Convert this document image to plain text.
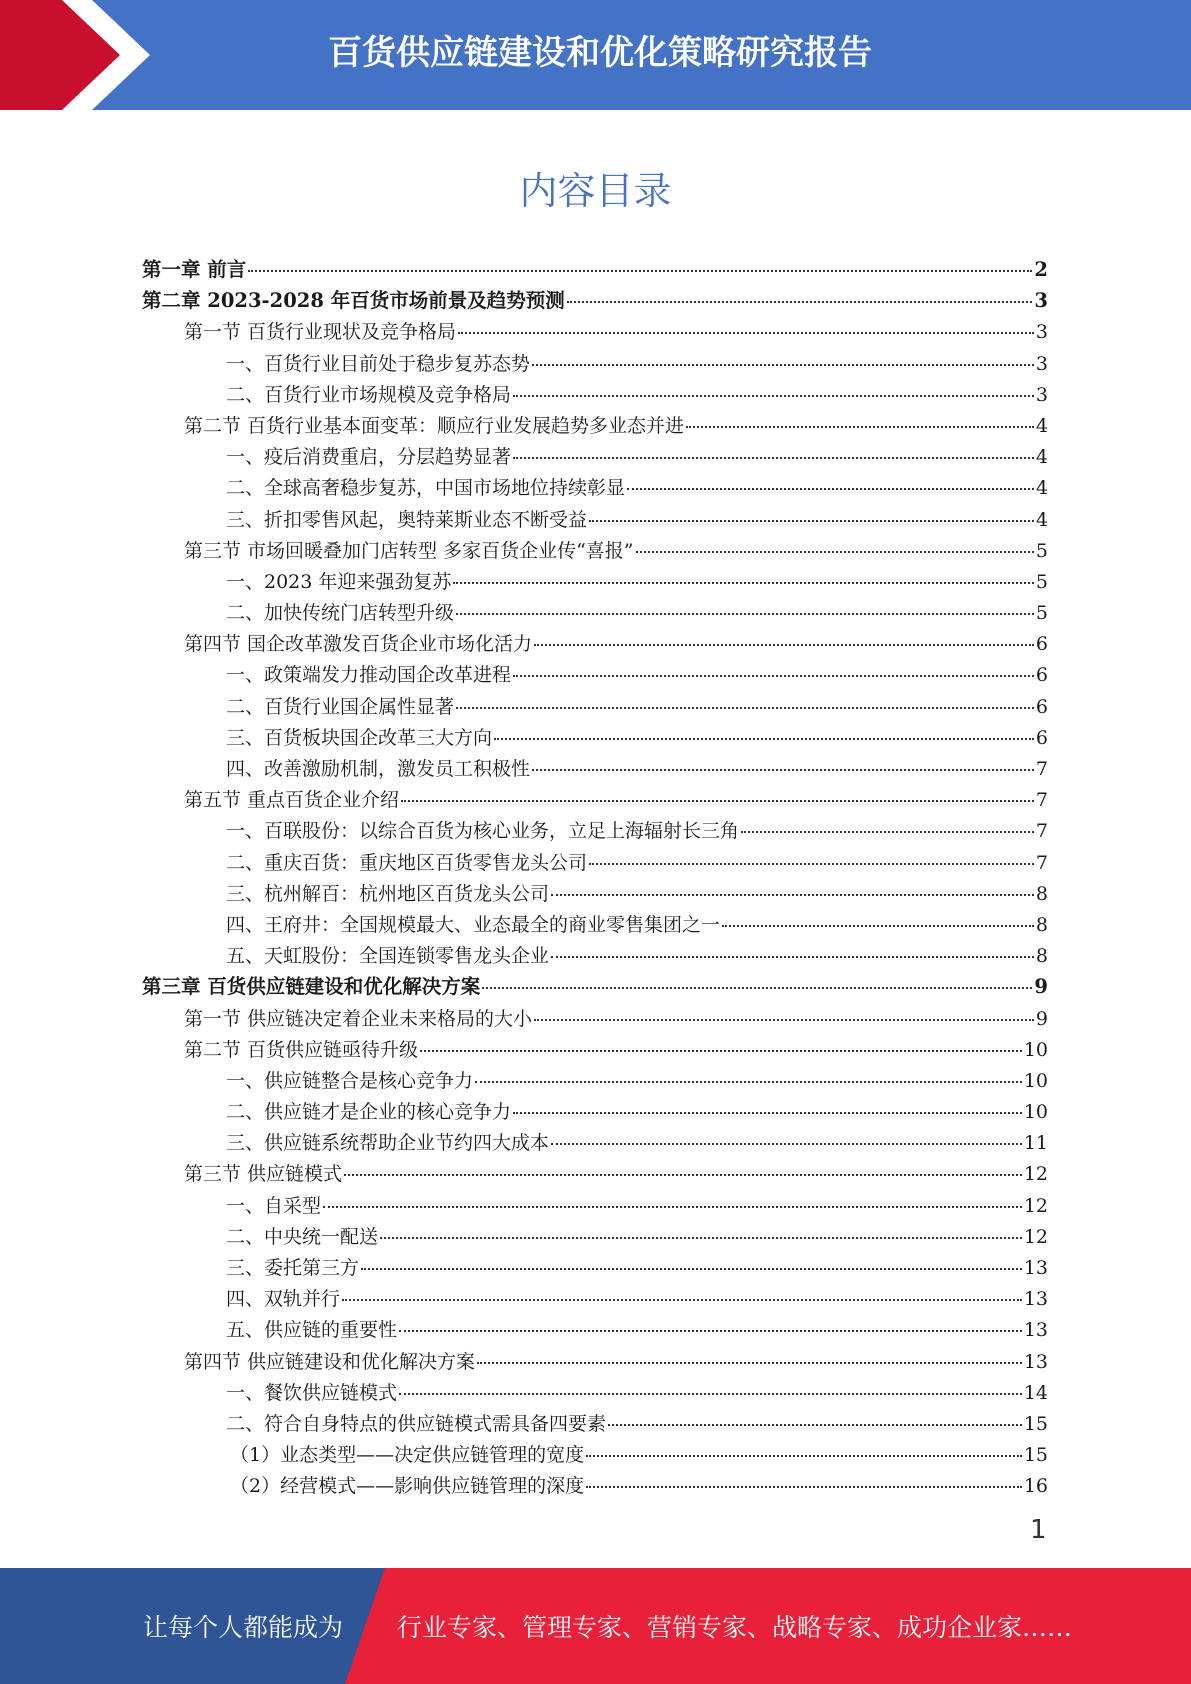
百货供应链建设和优化策略研究报告
内容目录
第一章 前言	2
第二章 2023-2028 年百货市场前景及趋势预测	3
第一节 百货行业现状及竞争格局	3
一、百货行业目前处于稳步复苏态势	3
二、百货行业市场规模及竞争格局	3
第二节 百货行业基本面变革：顺应行业发展趋势多业态并进	4
一、疫后消费重启，分层趋势显著	4
二、全球高奢稳步复苏，中国市场地位持续彰显	4
三、折扣零售风起，奥特莱斯业态不断受益	4
第三节 市场回暖叠加门店转型 多家百货企业传“喜报”	5
一、2023 年迎来强劲复苏	5
二、加快传统门店转型升级	5
第四节 国企改革激发百货企业市场化活力	6
一、政策端发力推动国企改革进程	6
二、百货行业国企属性显著	6
三、百货板块国企改革三大方向	6
四、改善激励机制，激发员工积极性	7
第五节 重点百货企业介绍	7
一、百联股份：以综合百货为核心业务，立足上海辐射长三角	7
二、重庆百货：重庆地区百货零售龙头公司	7
三、杭州解百：杭州地区百货龙头公司	8
四、王府井：全国规模最大、业态最全的商业零售集团之一	8
五、天虹股份：全国连锁零售龙头企业	8
第三章 百货供应链建设和优化解决方案	9
第一节 供应链决定着企业未来格局的大小	9
第二节 百货供应链亟待升级	10
一、供应链整合是核心竞争力	10
二、供应链才是企业的核心竞争力	10
三、供应链系统帮助企业节约四大成本	11
第三节 供应链模式	12
一、自采型	12
二、中央统一配送	12
三、委托第三方	13
四、双轨并行	13
五、供应链的重要性	13
第四节 供应链建设和优化解决方案	13
一、餐饮供应链模式	14
二、符合自身特点的供应链模式需具备四要素	15
（1）业态类型——决定供应链管理的宽度	15
（2）经营模式——影响供应链管理的深度	16
1
让每个人都能成为 行业专家、管理专家、营销专家、战略专家、成功企业家……
